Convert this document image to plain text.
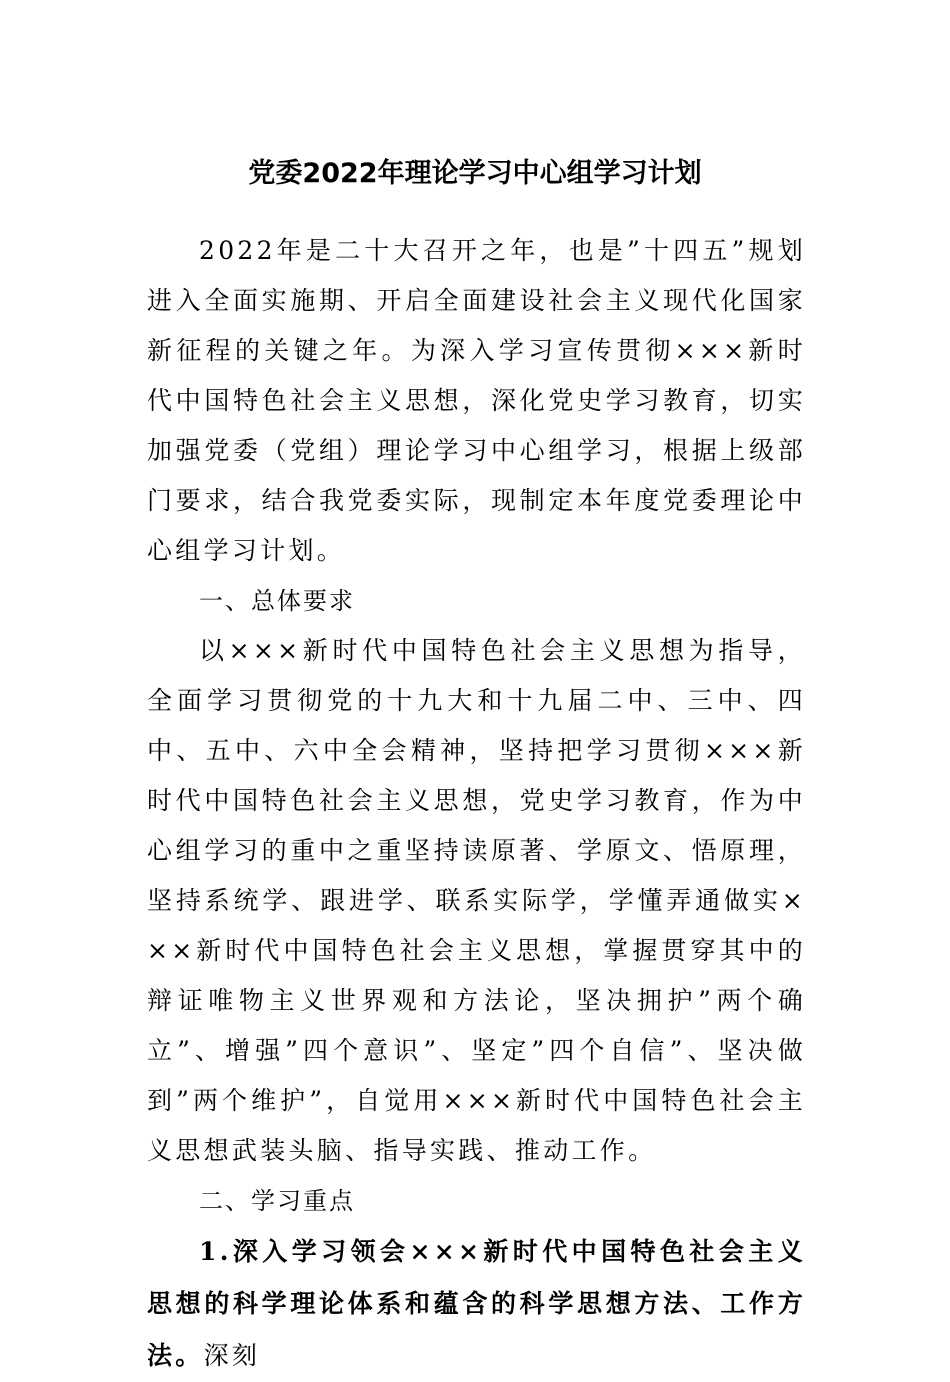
党委2022年理论学习中心组学习计划

2022年是二十大召开之年，也是”十四五”规划进入全面实施期、开启全面建设社会主义现代化国家新征程的关键之年。为深入学习宣传贯彻×××新时代中国特色社会主义思想，深化党史学习教育，切实加强党委（党组）理论学习中心组学习，根据上级部门要求，结合我党委实际，现制定本年度党委理论中心组学习计划。

一、总体要求

以×××新时代中国特色社会主义思想为指导，全面学习贯彻党的十九大和十九届二中、三中、四中、五中、六中全会精神，坚持把学习贯彻×××新时代中国特色社会主义思想，党史学习教育，作为中心组学习的重中之重坚持读原著、学原文、悟原理，坚持系统学、跟进学、联系实际学，学懂弄通做实×××新时代中国特色社会主义思想，掌握贯穿其中的辩证唯物主义世界观和方法论，坚决拥护”两个确立”、增强”四个意识”、坚定”四个自信”、坚决做到”两个维护”，自觉用×××新时代中国特色社会主义思想武装头脑、指导实践、推动工作。

二、学习重点

1.深入学习领会×××新时代中国特色社会主义思想的科学理论体系和蕴含的科学思想方法、工作方法。深刻
